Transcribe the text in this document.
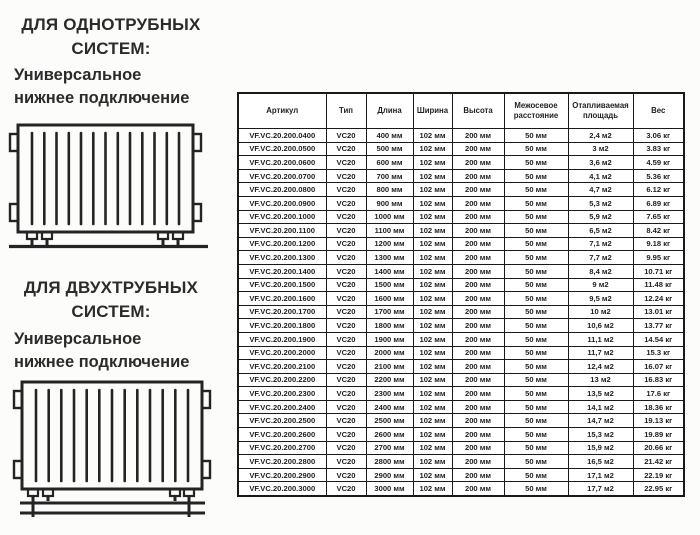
ДЛЯ ОДНОТРУБНЫХ
СИСТЕМ:
Универсальное
нижнее подключение
ДЛЯ ДВУХТРУБНЫХ
СИСТЕМ:
Универсальное
нижнее подключение
Артикул	Тип	Длина	Ширина	Высота	Межосевое расстояние	Отапливаемая площадь	Вес
VF.VC.20.200.0400	VC20	400 мм	102 мм	200 мм	50 мм	2,4 м2	3.06 кг
VF.VC.20.200.0500	VC20	500 мм	102 мм	200 мм	50 мм	3 м2	3.83 кг
VF.VC.20.200.0600	VC20	600 мм	102 мм	200 мм	50 мм	3,6 м2	4.59 кг
VF.VC.20.200.0700	VC20	700 мм	102 мм	200 мм	50 мм	4,1 м2	5.36 кг
VF.VC.20.200.0800	VC20	800 мм	102 мм	200 мм	50 мм	4,7 м2	6.12 кг
VF.VC.20.200.0900	VC20	900 мм	102 мм	200 мм	50 мм	5,3 м2	6.89 кг
VF.VC.20.200.1000	VC20	1000 мм	102 мм	200 мм	50 мм	5,9 м2	7.65 кг
VF.VC.20.200.1100	VC20	1100 мм	102 мм	200 мм	50 мм	6,5 м2	8.42 кг
VF.VC.20.200.1200	VC20	1200 мм	102 мм	200 мм	50 мм	7,1 м2	9.18 кг
VF.VC.20.200.1300	VC20	1300 мм	102 мм	200 мм	50 мм	7,7 м2	9.95 кг
VF.VC.20.200.1400	VC20	1400 мм	102 мм	200 мм	50 мм	8,4 м2	10.71 кг
VF.VC.20.200.1500	VC20	1500 мм	102 мм	200 мм	50 мм	9 м2	11.48 кг
VF.VC.20.200.1600	VC20	1600 мм	102 мм	200 мм	50 мм	9,5 м2	12.24 кг
VF.VC.20.200.1700	VC20	1700 мм	102 мм	200 мм	50 мм	10 м2	13.01 кг
VF.VC.20.200.1800	VC20	1800 мм	102 мм	200 мм	50 мм	10,6 м2	13.77 кг
VF.VC.20.200.1900	VC20	1900 мм	102 мм	200 мм	50 мм	11,1 м2	14.54 кг
VF.VC.20.200.2000	VC20	2000 мм	102 мм	200 мм	50 мм	11,7 м2	15.3 кг
VF.VC.20.200.2100	VC20	2100 мм	102 мм	200 мм	50 мм	12,4 м2	16.07 кг
VF.VC.20.200.2200	VC20	2200 мм	102 мм	200 мм	50 мм	13 м2	16.83 кг
VF.VC.20.200.2300	VC20	2300 мм	102 мм	200 мм	50 мм	13,5 м2	17.6 кг
VF.VC.20.200.2400	VC20	2400 мм	102 мм	200 мм	50 мм	14,1 м2	18.36 кг
VF.VC.20.200.2500	VC20	2500 мм	102 мм	200 мм	50 мм	14,7 м2	19.13 кг
VF.VC.20.200.2600	VC20	2600 мм	102 мм	200 мм	50 мм	15,3 м2	19.89 кг
VF.VC.20.200.2700	VC20	2700 мм	102 мм	200 мм	50 мм	15,9 м2	20.66 кг
VF.VC.20.200.2800	VC20	2800 мм	102 мм	200 мм	50 мм	16,5 м2	21.42 кг
VF.VC.20.200.2900	VC20	2900 мм	102 мм	200 мм	50 мм	17,1 м2	22.19 кг
VF.VC.20.200.3000	VC20	3000 мм	102 мм	200 мм	50 мм	17,7 м2	22.95 кг
